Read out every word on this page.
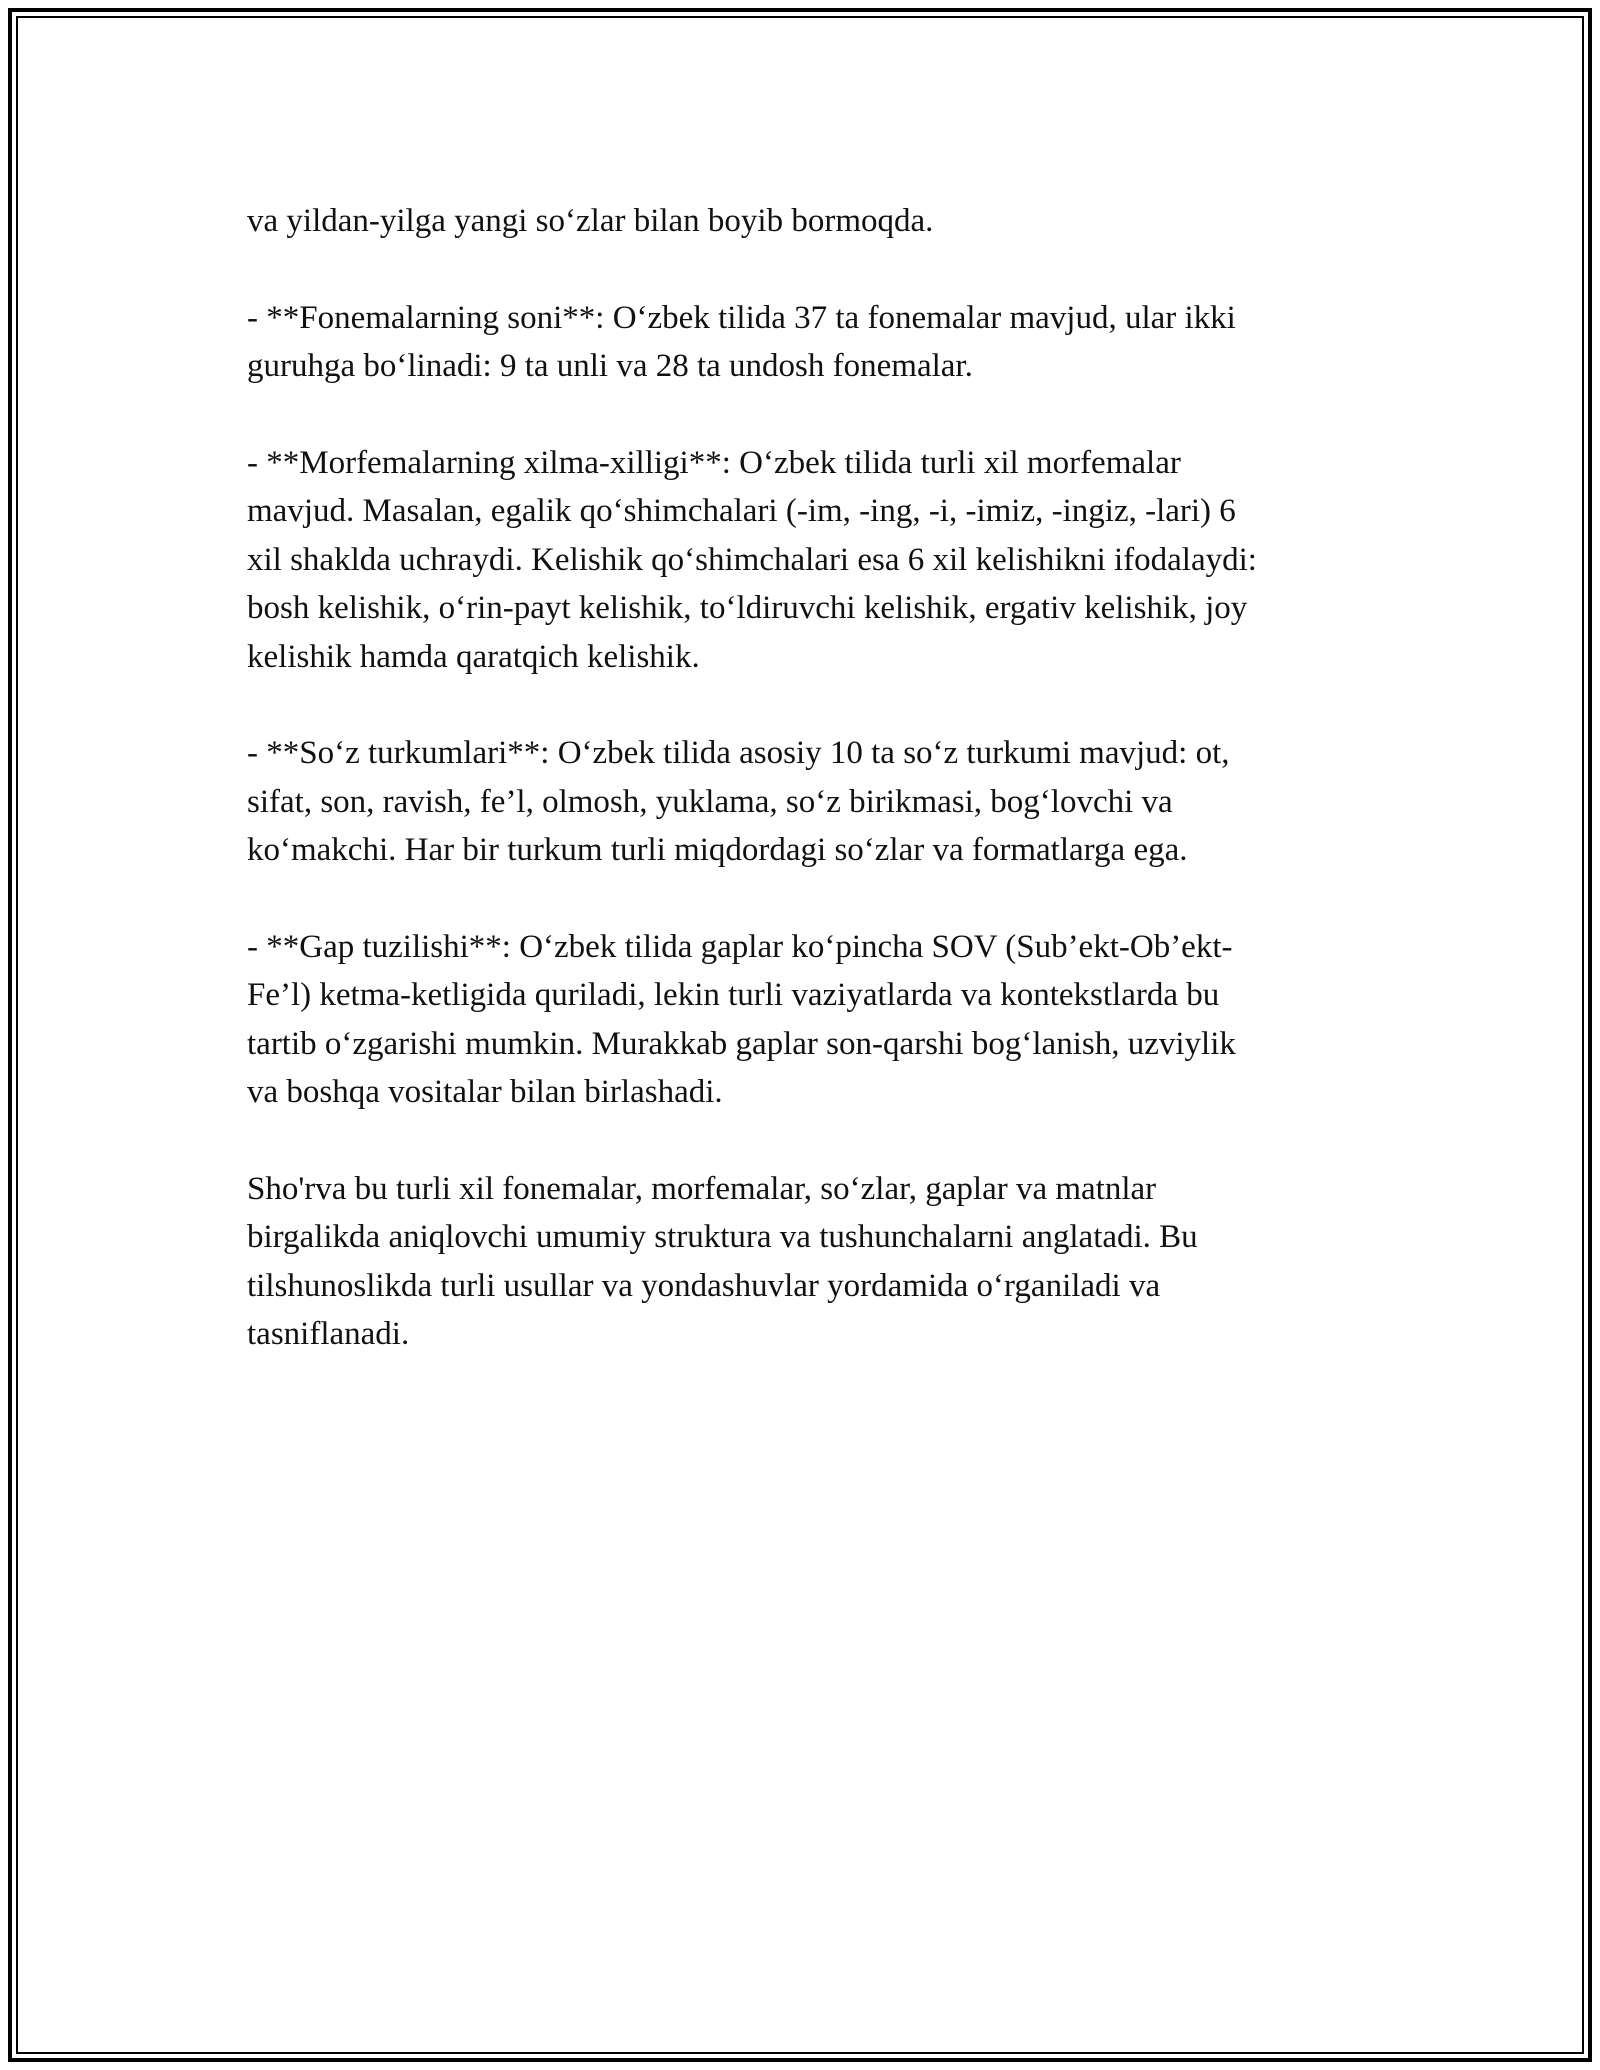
va yildan-yilga yangi so‘zlar bilan boyib bormoqda.

- **Fonemalarning soni**: O‘zbek tilida 37 ta fonemalar mavjud, ular ikki
guruhga bo‘linadi: 9 ta unli va 28 ta undosh fonemalar.

- **Morfemalarning xilma-xilligi**: O‘zbek tilida turli xil morfemalar
mavjud. Masalan, egalik qo‘shimchalari (-im, -ing, -i, -imiz, -ingiz, -lari) 6
xil shaklda uchraydi. Kelishik qo‘shimchalari esa 6 xil kelishikni ifodalaydi:
bosh kelishik, o‘rin-payt kelishik, to‘ldiruvchi kelishik, ergativ kelishik, joy
kelishik hamda qaratqich kelishik.

- **So‘z turkumlari**: O‘zbek tilida asosiy 10 ta so‘z turkumi mavjud: ot,
sifat, son, ravish, fe’l, olmosh, yuklama, so‘z birikmasi, bog‘lovchi va
ko‘makchi. Har bir turkum turli miqdordagi so‘zlar va formatlarga ega.

- **Gap tuzilishi**: O‘zbek tilida gaplar ko‘pincha SOV (Sub’ekt-Ob’ekt-
Fe’l) ketma-ketligida quriladi, lekin turli vaziyatlarda va kontekstlarda bu
tartib o‘zgarishi mumkin. Murakkab gaplar son-qarshi bog‘lanish, uzviylik
va boshqa vositalar bilan birlashadi.

Sho'rva bu turli xil fonemalar, morfemalar, so‘zlar, gaplar va matnlar
birgalikda aniqlovchi umumiy struktura va tushunchalarni anglatadi. Bu
tilshunoslikda turli usullar va yondashuvlar yordamida o‘rganiladi va
tasniflanadi.
